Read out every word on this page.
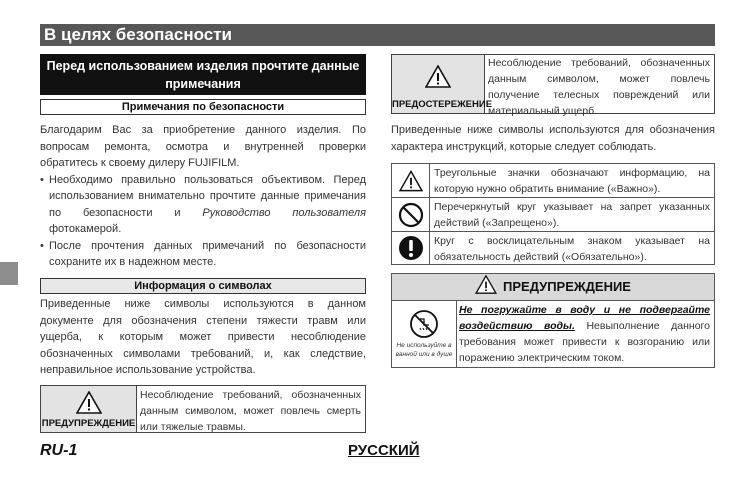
В целях безопасности
Перед использованием изделия прочтите данные примечания
Примечания по безопасности

Благодарим Вас за приобретение данного изделия. По вопросам ремонта, осмотра и внутренней проверки обратитесь к своему дилеру FUJIFILM.

• Необходимо правильно пользоваться объективом. Перед использованием внимательно прочтите данные примечания по безопасности и Руководство пользователя фотокамерой.
• После прочтения данных примечаний по безопасности сохраните их в надежном месте.
Информация о символах

Приведенные ниже символы используются в данном документе для обозначения степени тяжести травм или ущерба, к которым может привести несоблюдение обозначенных символами требований, и, как следствие, неправильное использование устройства.

ПРЕДУПРЕЖДЕНИЕ
Несоблюдение требований, обозначенных данным символом, может повлечь смерть или тяжелые травмы.
ПРЕДОСТЕРЕЖЕНИЕ
Несоблюдение требований, обозначенных данным символом, может повлечь получение телесных повреждений или материальный ущерб.

Приведенные ниже символы используются для обозначения характера инструкций, которые следует соблюдать.

Треугольные значки обозначают информацию, на которую нужно обратить внимание («Важно»).
Перечеркнутый круг указывает на запрет указанных действий («Запрещено»).
Круг с восклицательным знаком указывает на обязательность действий («Обязательно»).
ПРЕДУПРЕЖДЕНИЕ
Не используйте в ванной или в душе
Не погружайте в воду и не подвергайте воздействию воды. Невыполнение данного требования может привести к возгоранию или поражению электрическим током.
RU-1	РУССКИЙ
